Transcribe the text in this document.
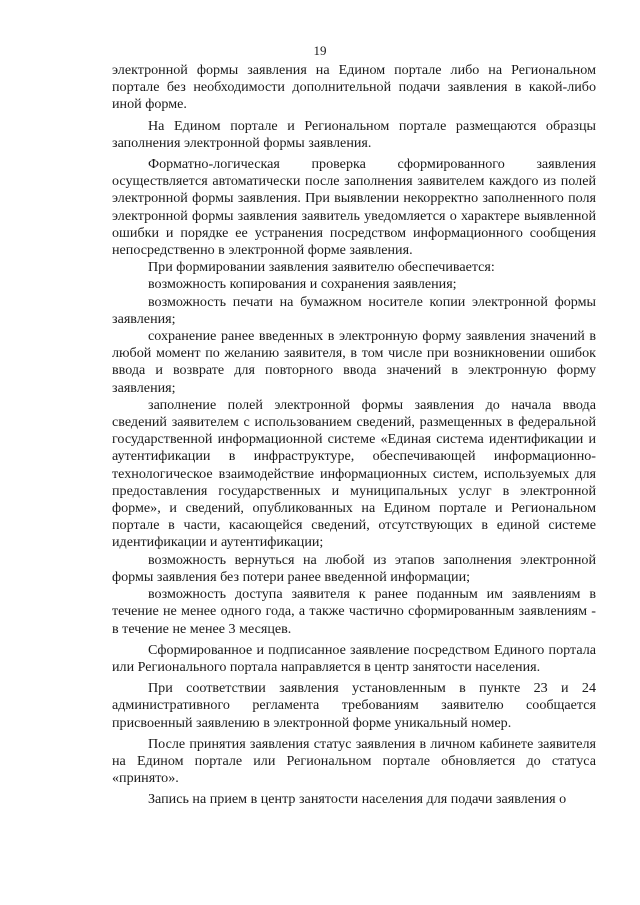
19

электронной формы заявления на Едином портале либо на Региональном портале без необходимости дополнительной подачи заявления в какой-либо иной форме.

На Едином портале и Региональном портале размещаются образцы заполнения электронной формы заявления.

Форматно-логическая проверка сформированного заявления осуществляется автоматически после заполнения заявителем каждого из полей электронной формы заявления. При выявлении некорректно заполненного поля электронной формы заявления заявитель уведомляется о характере выявленной ошибки и порядке ее устранения посредством информационного сообщения непосредственно в электронной форме заявления.

При формировании заявления заявителю обеспечивается:

возможность копирования и сохранения заявления;

возможность печати на бумажном носителе копии электронной формы заявления;

сохранение ранее введенных в электронную форму заявления значений в любой момент по желанию заявителя, в том числе при возникновении ошибок ввода и возврате для повторного ввода значений в электронную форму заявления;

заполнение полей электронной формы заявления до начала ввода сведений заявителем с использованием сведений, размещенных в федеральной государственной информационной системе «Единая система идентификации и аутентификации в инфраструктуре, обеспечивающей информационно-технологическое взаимодействие информационных систем, используемых для предоставления государственных и муниципальных услуг в электронной форме», и сведений, опубликованных на Едином портале и Региональном портале в части, касающейся сведений, отсутствующих в единой системе идентификации и аутентификации;

возможность вернуться на любой из этапов заполнения электронной формы заявления без потери ранее введенной информации;

возможность доступа заявителя к ранее поданным им заявлениям в течение не менее одного года, а также частично сформированным заявлениям - в течение не менее 3 месяцев.

Сформированное и подписанное заявление посредством Единого портала или Регионального портала направляется в центр занятости населения.

При соответствии заявления установленным в пункте 23 и 24 административного регламента требованиям заявителю сообщается присвоенный заявлению в электронной форме уникальный номер.

После принятия заявления статус заявления в личном кабинете заявителя на Едином портале или Региональном портале обновляется до статуса «принято».

Запись на прием в центр занятости населения для подачи заявления о
